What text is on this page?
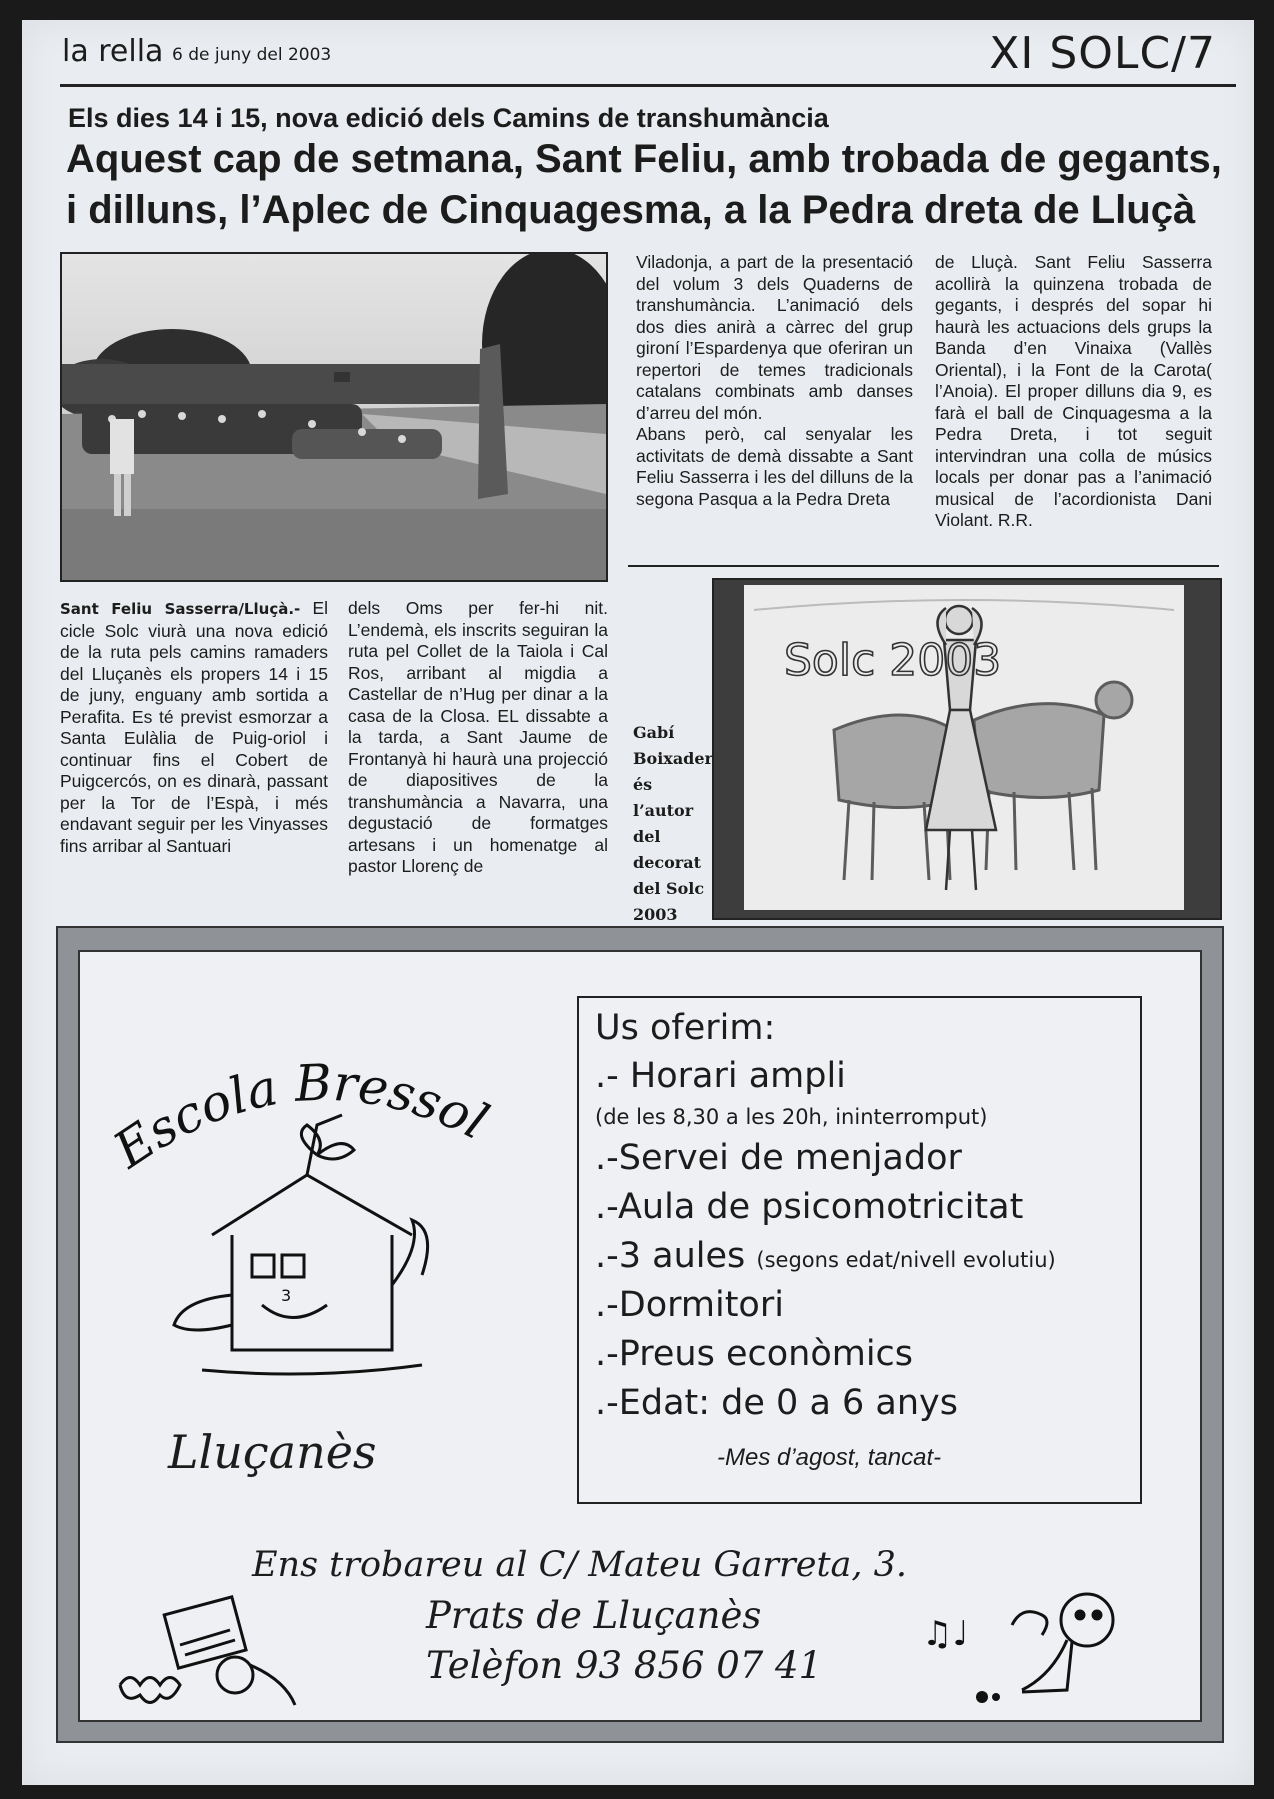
la rella 6 de juny del 2003	XI SOLC/7
Els dies 14 i 15, nova edició dels Camins de transhumància
Aquest cap de setmana, Sant Feliu, amb trobada de gegants,
i dilluns, l’Aplec de Cinquagesma, a la Pedra dreta de Lluçà
Solc 2003

Sant Feliu Sasserra/Lluçà.- El cicle Solc viurà una nova edició de la ruta pels camins ramaders del Lluçanès els propers 14 i 15 de juny, enguany amb sortida a Perafita. Es té previst esmorzar a Santa Eulàlia de Puig-oriol i continuar fins el Cobert de Puigcercós, on es dinarà, passant per la Tor de l’Espà, i més endavant seguir per les Vinyasses fins arribar al Santuari

dels Oms per fer-hi nit. L’endemà, els inscrits seguiran la ruta pel Collet de la Taiola i Cal Ros, arribant al migdia a Castellar de n’Hug per dinar a la casa de la Closa. EL dissabte a la tarda, a Sant Jaume de Frontanyà hi haurà una projecció de diapositives de la transhumància a Navarra, una degustació de formatges artesans i un homenatge al pastor Llorenç de

Viladonja, a part de la presentació del volum 3 dels Quaderns de transhumància. L’animació dels dos dies anirà a càrrec del grup gironí l’Espardenya que oferiran un repertori de temes tradicionals catalans combinats amb danses d’arreu del món.

Abans però, cal senyalar les activitats de demà dissabte a Sant Feliu Sasserra i les del dilluns de la segona Pasqua a la Pedra Dreta

de Lluçà. Sant Feliu Sasserra acollirà la quinzena trobada de gegants, i després del sopar hi haurà les actuacions dels grups la Banda d’en Vinaixa (Vallès Oriental), i la Font de la Carota( l’Anoia). El proper dilluns dia 9, es farà el ball de Cinquagesma a la Pedra Dreta, i tot seguit intervindran una colla de músics locals per donar pas a l’animació musical de l’acordionista Dani Violant. R.R.

Gabí Boixader és l’autor del decorat del Solc 2003
Escola Bressol
3
Lluçanès
Us oferim:
.- Horari ampli
(de les 8,30 a les 20h, ininterromput)
.-Servei de menjador
.-Aula de psicomotricitat
.-3 aules (segons edat/nivell evolutiu)
.-Dormitori
.-Preus econòmics
.-Edat: de 0 a 6 anys
-Mes d’agost, tancat-
Ens trobareu al C/ Mateu Garreta, 3.
Prats de Lluçanès
Telèfon 93 856 07 41
♫♩
